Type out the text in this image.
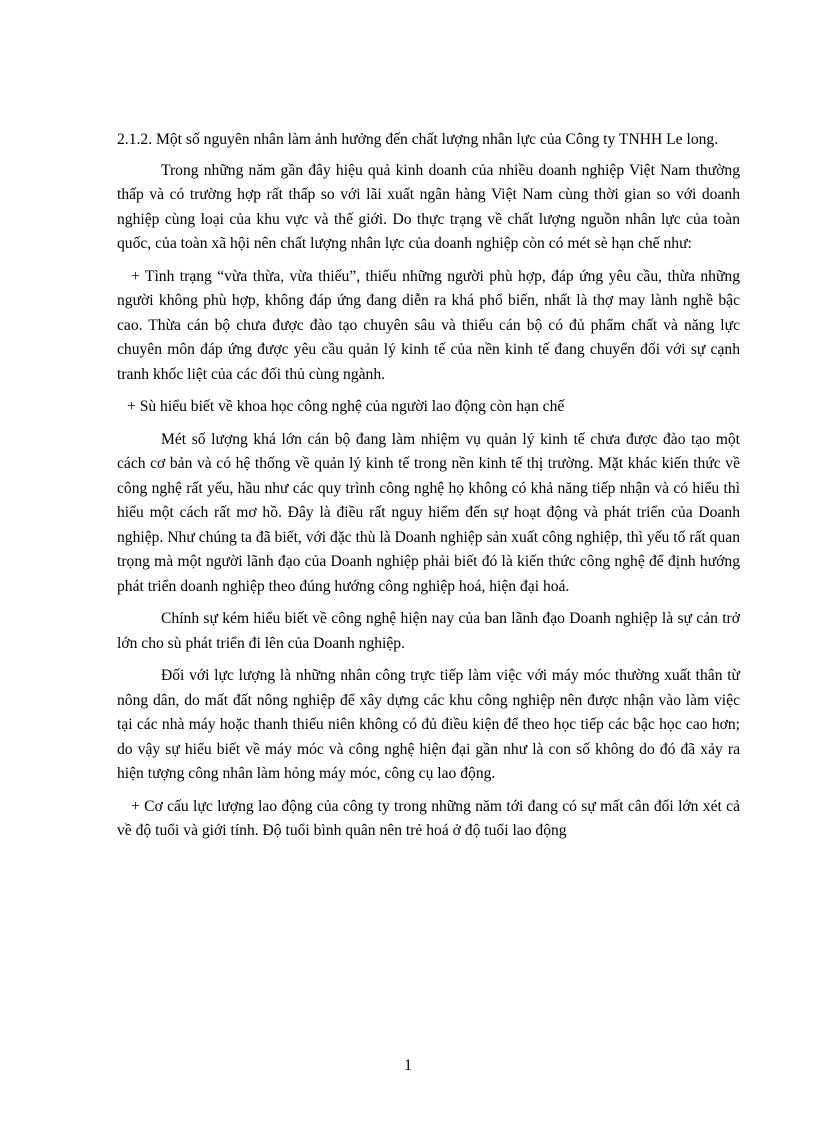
2.1.2. Một số nguyên nhân làm ảnh hưởng đến chất lượng nhân lực của Công ty TNHH Le long.

Trong những năm gần đây hiệu quả kinh doanh của nhiều doanh nghiệp Việt Nam thường thấp và có trường hợp rất thấp so với lãi xuất ngân hàng Việt Nam cùng thời gian so với doanh nghiệp cùng loại của khu vực và thế giới. Do thực trạng về chất lượng nguồn nhân lực của toàn quốc, của toàn xã hội nên chất lượng nhân lực của doanh nghiệp còn có mét sè hạn chế như:

+ Tình trạng “vừa thừa, vừa thiếu”, thiếu những người phù hợp, đáp ứng yêu cầu, thừa những người không phù hợp, không đáp ứng đang diễn ra khá phổ biến, nhất là thợ may lành nghề bậc cao. Thừa cán bộ chưa được đào tạo chuyên sâu và thiếu cán bộ có đủ phẩm chất và năng lực chuyên môn đáp ứng được yêu cầu quản lý kinh tế của nền kinh tế đang chuyển đổi với sự cạnh tranh khốc liệt của các đối thủ cùng ngành.

+ Sù hiểu biết về khoa học công nghệ của người lao động còn hạn chế

Mét số lượng khá lớn cán bộ đang làm nhiệm vụ quản lý kinh tế chưa được đào tạo một cách cơ bản và có hệ thống về quản lý kinh tế trong nền kinh tế thị trường. Mặt khác kiến thức về công nghệ rất yếu, hầu như các quy trình công nghệ họ không có khả năng tiếp nhận và có hiểu thì hiểu một cách rất mơ hồ. Đây là điều rất nguy hiểm đến sự hoạt động và phát triển của Doanh nghiệp. Như chúng ta đã biết, với đặc thù là Doanh nghiệp sản xuất công nghiệp, thì yếu tố rất quan trọng mà một người lãnh đạo của Doanh nghiệp phải biết đó là kiến thức công nghệ để định hướng phát triển doanh nghiệp theo đúng hướng công nghiệp hoá, hiện đại hoá.

Chính sự kém hiểu biết về công nghệ hiện nay của ban lãnh đạo Doanh nghiệp là sự cản trở lớn cho sù phát triển đi lên của Doanh nghiệp.

Đối với lực lượng là những nhân công trực tiếp làm việc với máy móc thường xuất thân từ nông dân, do mất đất nông nghiệp để xây dựng các khu công nghiệp nên được nhận vào làm việc tại các nhà máy hoặc thanh thiếu niên không có đủ điều kiện để theo học tiếp các bậc học cao hơn; do vậy sự hiểu biết về máy móc và công nghệ hiện đại gần như là con số không do đó đã xảy ra hiện tượng công nhân làm hỏng máy móc, công cụ lao động.

+ Cơ cấu lực lượng lao động của công ty trong những năm tới đang có sự mất cân đối lớn xét cả về độ tuổi và giới tính. Độ tuổi bình quân nên trẻ hoá ở độ tuổi lao động

1
